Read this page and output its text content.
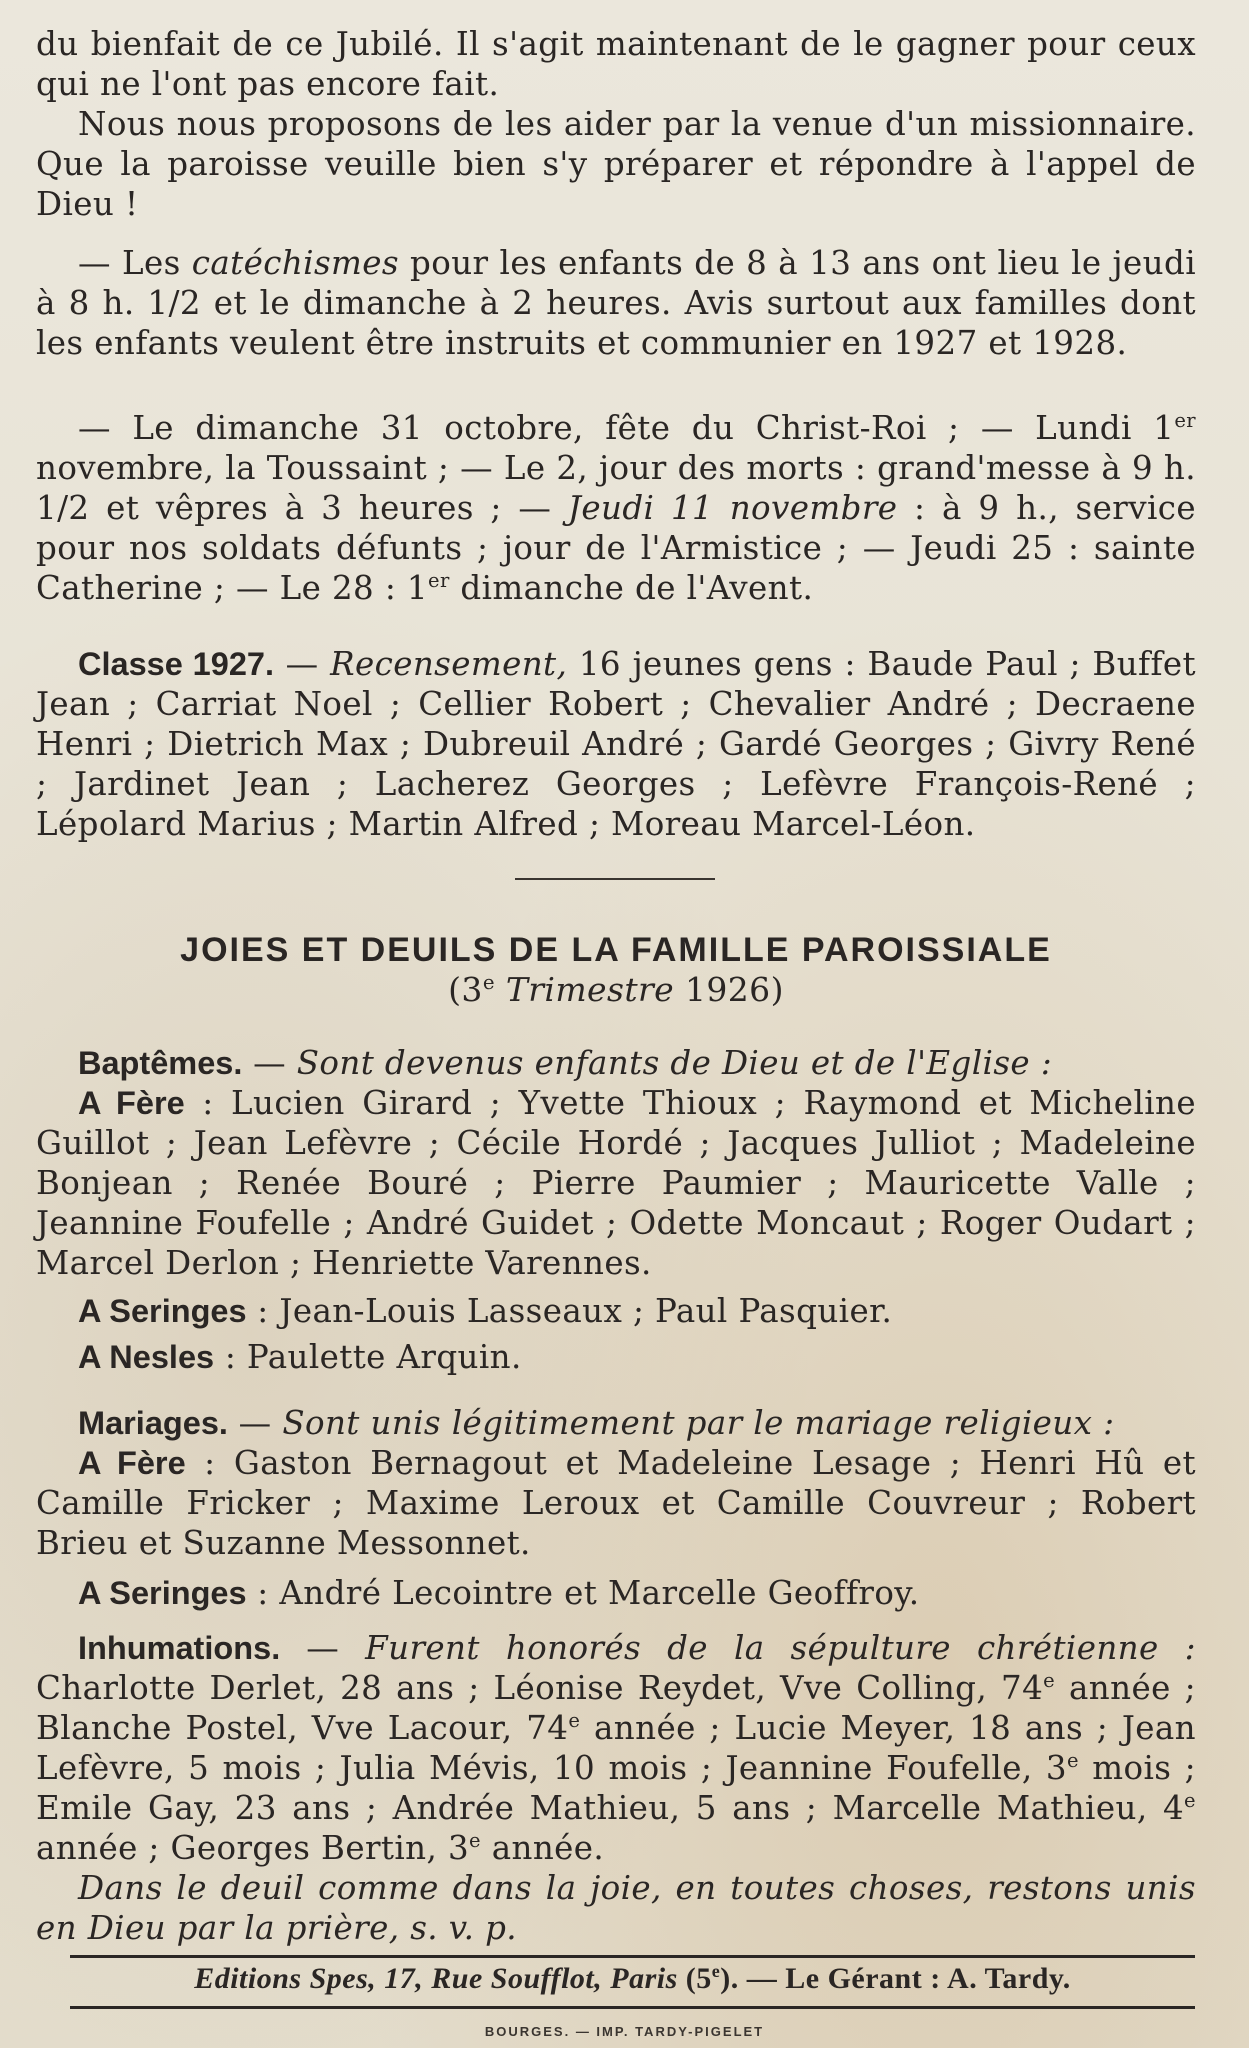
du bienfait de ce Jubilé. Il s'agit maintenant de le gagner pour ceux qui ne l'ont pas encore fait.

Nous nous proposons de les aider par la venue d'un missionnaire. Que la paroisse veuille bien s'y préparer et répondre à l'appel de Dieu !

— Les catéchismes pour les enfants de 8 à 13 ans ont lieu le jeudi à 8 h. 1/2 et le dimanche à 2 heures. Avis surtout aux familles dont les enfants veulent être instruits et communier en 1927 et 1928.

— Le dimanche 31 octobre, fête du Christ-Roi ; — Lundi 1er novembre, la Toussaint ; — Le 2, jour des morts : grand'messe à 9 h. 1/2 et vêpres à 3 heures ; — Jeudi 11 novembre : à 9 h., service pour nos soldats défunts ; jour de l'Armistice ; — Jeudi 25 : sainte Catherine ; — Le 28 : 1er dimanche de l'Avent.

Classe 1927. — Recensement, 16 jeunes gens : Baude Paul ; Buffet Jean ; Carriat Noel ; Cellier Robert ; Chevalier André ; Decraene Henri ; Dietrich Max ; Dubreuil André ; Gardé Georges ; Givry René ; Jardinet Jean ; Lacherez Georges ; Lefèvre François-René ; Lépolard Marius ; Martin Alfred ; Moreau Marcel-Léon.

JOIES ET DEUILS DE LA FAMILLE PAROISSIALE

(3e Trimestre 1926)

Baptêmes. — Sont devenus enfants de Dieu et de l'Eglise :

A Fère : Lucien Girard ; Yvette Thioux ; Raymond et Micheline Guillot ; Jean Lefèvre ; Cécile Hordé ; Jacques Julliot ; Madeleine Bonjean ; Renée Bouré ; Pierre Paumier ; Mauricette Valle ; Jeannine Foufelle ; André Guidet ; Odette Moncaut ; Roger Oudart ; Marcel Derlon ; Henriette Varennes.

A Seringes : Jean-Louis Lasseaux ; Paul Pasquier.

A Nesles : Paulette Arquin.

Mariages. — Sont unis légitimement par le mariage religieux :

A Fère : Gaston Bernagout et Madeleine Lesage ; Henri Hû et Camille Fricker ; Maxime Leroux et Camille Couvreur ; Robert Brieu et Suzanne Messonnet.

A Seringes : André Lecointre et Marcelle Geoffroy.

Inhumations. — Furent honorés de la sépulture chrétienne : Charlotte Derlet, 28 ans ; Léonise Reydet, Vve Colling, 74e année ; Blanche Postel, Vve Lacour, 74e année ; Lucie Meyer, 18 ans ; Jean Lefèvre, 5 mois ; Julia Mévis, 10 mois ; Jeannine Foufelle, 3e mois ; Emile Gay, 23 ans ; Andrée Mathieu, 5 ans ; Marcelle Mathieu, 4e année ; Georges Bertin, 3e année.

Dans le deuil comme dans la joie, en toutes choses, restons unis en Dieu par la prière, s. v. p.

Editions Spes, 17, Rue Soufflot, Paris (5e). — Le Gérant : A. Tardy.
BOURGES. — IMP. TARDY-PIGELET
